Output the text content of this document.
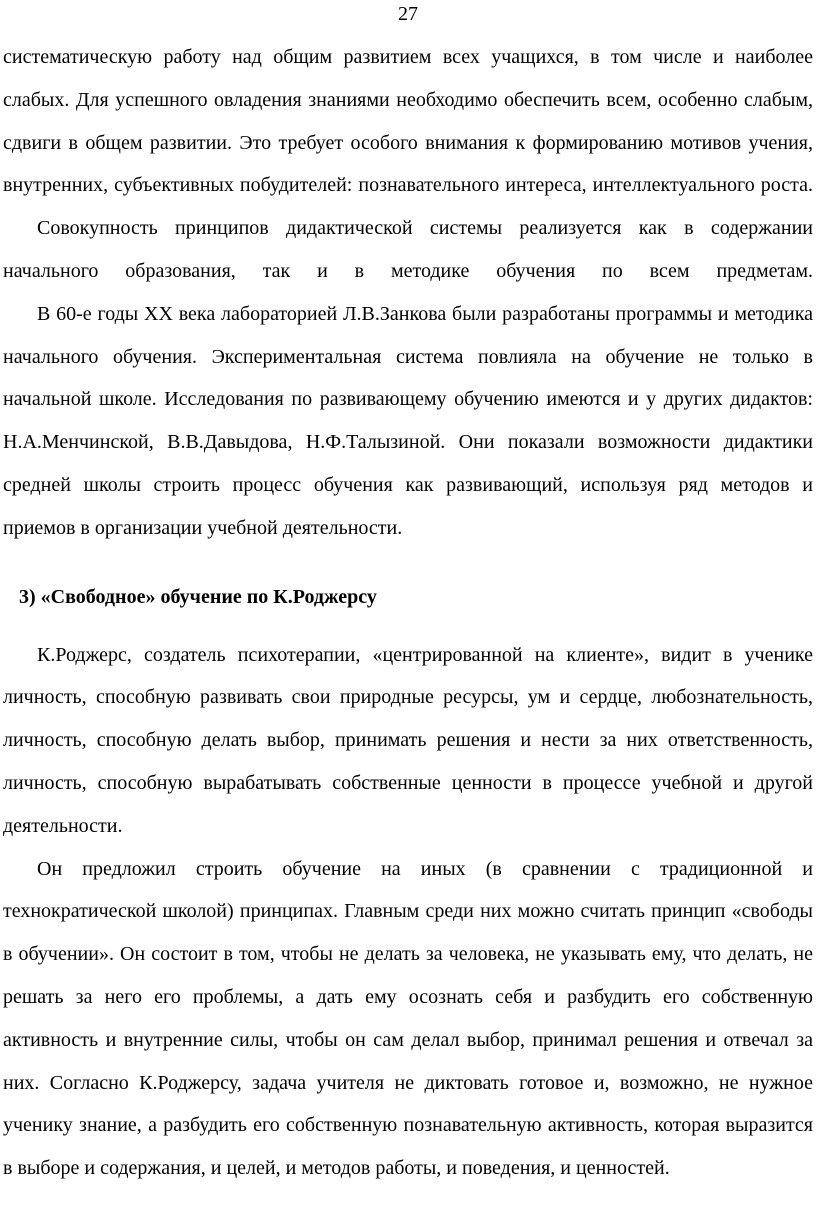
27

систематическую работу над общим развитием всех учащихся, в том числе и наиболее слабых. Для успешного овладения знаниями необходимо обеспечить всем, особенно слабым, сдвиги в общем развитии. Это требует особого внимания к формированию мотивов учения, внутренних, субъективных побудителей: познавательного интереса, интеллектуального роста.

Совокупность принципов дидактической системы реализуется как в содержании начального образования, так и в методике обучения по всем предметам.

В 60-е годы XX века лабораторией Л.В.Занкова были разработаны программы и методика начального обучения. Экспериментальная система повлияла на обучение не только в начальной школе. Исследования по развивающему обучению имеются и у других дидактов: Н.А.Менчинской, В.В.Давыдова, Н.Ф.Талызиной. Они показали возможности дидактики средней школы строить процесс обучения как развивающий, используя ряд методов и приемов в организации учебной деятельности.

3) «Свободное» обучение по К.Роджерсу

К.Роджерс, создатель психотерапии, «центрированной на клиенте», видит в ученике личность, способную развивать свои природные ресурсы, ум и сердце, любознательность, личность, способную делать выбор, принимать решения и нести за них ответственность, личность, способную вырабатывать собственные ценности в процессе учебной и другой деятельности.

Он предложил строить обучение на иных (в сравнении с традиционной и технократической школой) принципах. Главным среди них можно считать принцип «свободы в обучении». Он состоит в том, чтобы не делать за человека, не указывать ему, что делать, не решать за него его проблемы, а дать ему осознать себя и разбудить его собственную активность и внутренние силы, чтобы он сам делал выбор, принимал решения и отвечал за них. Согласно К.Роджерсу, задача учителя не диктовать готовое и, возможно, не нужное ученику знание, а разбудить его собственную познавательную активность, которая выразится в выборе и содержания, и целей, и методов работы, и поведения, и ценностей.
